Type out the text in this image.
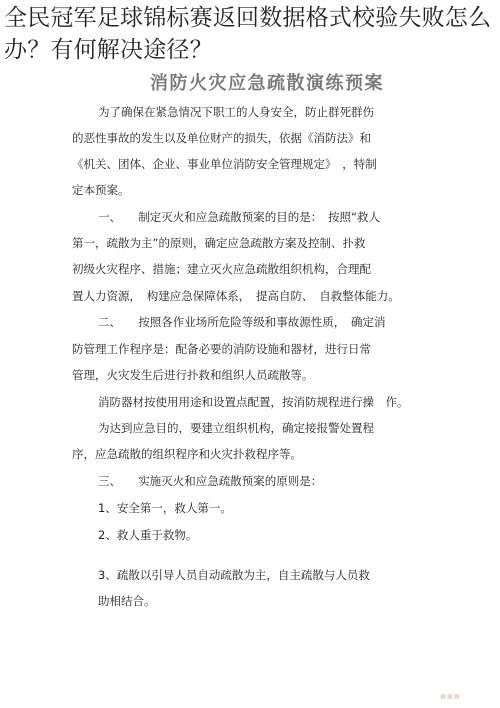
全民冠军足球锦标赛返回数据格式校验失败怎么办？有何解决途径？
消防火灾应急疏散演练预案
为了确保在紧急情况下职工的人身安全，防止群死群伤
的恶性事故的发生以及单位财产的损失，依据《消防法》和
《机关、团体、企业、事业单位消防安全管理规定》　，特制
定本预案。
一、　　制定灭火和应急疏散预案的目的是：　按照“救人
第一，疏散为主”的原则，确定应急疏散方案及控制、扑救
初级火灾程序、措施；建立灭火应急疏散组织机构，合理配
置人力资源，　构建应急保障体系，　提高自防、　自救整体能力。
二、　　按照各作业场所危险等级和事故源性质，　确定消
防管理工作程序是：配备必要的消防设施和器材，进行日常
管理，火灾发生后进行扑救和组织人员疏散等。
消防器材按使用用途和设置点配置，按消防规程进行操　作。
为达到应急目的，要建立组织机构，确定接报警处置程
序，应急疏散的组织程序和火灾扑救程序等。
三、　　实施灭火和应急疏散预案的原则是：
1、安全第一，救人第一。
2、救人重于救物。
3、疏散以引导人员自动疏散为主，自主疏散与人员救
助相结合。
▪▪▪
